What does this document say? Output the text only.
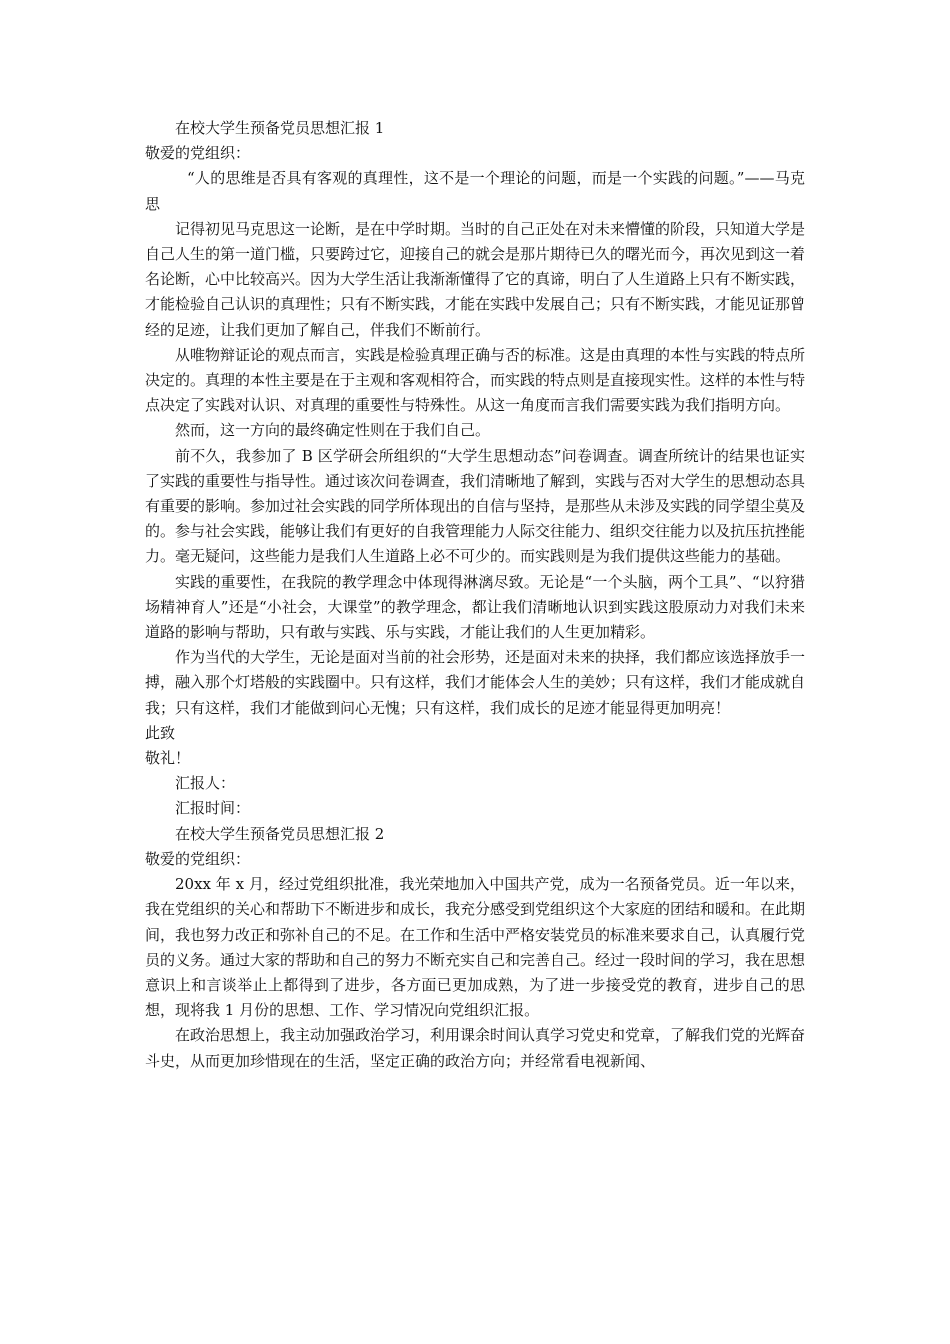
在校大学生预备党员思想汇报 1

敬爱的党组织：

“人的思维是否具有客观的真理性，这不是一个理论的问题，而是一个实践的问题。”——马克思

记得初见马克思这一论断，是在中学时期。当时的自己正处在对未来懵懂的阶段，只知道大学是自己人生的第一道门槛，只要跨过它，迎接自己的就会是那片期待已久的曙光而今，再次见到这一着名论断，心中比较高兴。因为大学生活让我渐渐懂得了它的真谛，明白了人生道路上只有不断实践，才能检验自己认识的真理性；只有不断实践，才能在实践中发展自己；只有不断实践，才能见证那曾经的足迹，让我们更加了解自己，伴我们不断前行。

从唯物辩证论的观点而言，实践是检验真理正确与否的标准。这是由真理的本性与实践的特点所决定的。真理的本性主要是在于主观和客观相符合，而实践的特点则是直接现实性。这样的本性与特点决定了实践对认识、对真理的重要性与特殊性。从这一角度而言我们需要实践为我们指明方向。

然而，这一方向的最终确定性则在于我们自己。

前不久，我参加了 B 区学研会所组织的“大学生思想动态”问卷调查。调查所统计的结果也证实了实践的重要性与指导性。通过该次问卷调查，我们清晰地了解到，实践与否对大学生的思想动态具有重要的影响。参加过社会实践的同学所体现出的自信与坚持，是那些从未涉及实践的同学望尘莫及的。参与社会实践，能够让我们有更好的自我管理能力人际交往能力、组织交往能力以及抗压抗挫能力。毫无疑问，这些能力是我们人生道路上必不可少的。而实践则是为我们提供这些能力的基础。

实践的重要性，在我院的教学理念中体现得淋漓尽致。无论是“一个头脑，两个工具”、“以狩猎场精神育人”还是“小社会，大课堂”的教学理念，都让我们清晰地认识到实践这股原动力对我们未来道路的影响与帮助，只有敢与实践、乐与实践，才能让我们的人生更加精彩。

作为当代的大学生，无论是面对当前的社会形势，还是面对未来的抉择，我们都应该选择放手一搏，融入那个灯塔般的实践圈中。只有这样，我们才能体会人生的美妙；只有这样，我们才能成就自我；只有这样，我们才能做到问心无愧；只有这样，我们成长的足迹才能显得更加明亮！

此致

敬礼！

汇报人：

汇报时间：

在校大学生预备党员思想汇报 2

敬爱的党组织：

20xx 年 x 月，经过党组织批准，我光荣地加入中国共产党，成为一名预备党员。近一年以来，我在党组织的关心和帮助下不断进步和成长，我充分感受到党组织这个大家庭的团结和暖和。在此期间，我也努力改正和弥补自己的不足。在工作和生活中严格安装党员的标准来要求自己，认真履行党员的义务。通过大家的帮助和自己的努力不断充实自己和完善自己。经过一段时间的学习，我在思想意识上和言谈举止上都得到了进步，各方面已更加成熟，为了进一步接受党的教育，进步自己的思想，现将我 1 月份的思想、工作、学习情况向党组织汇报。

在政治思想上，我主动加强政治学习，利用课余时间认真学习党史和党章，了解我们党的光辉奋斗史，从而更加珍惜现在的生活，坚定正确的政治方向；并经常看电视新闻、
